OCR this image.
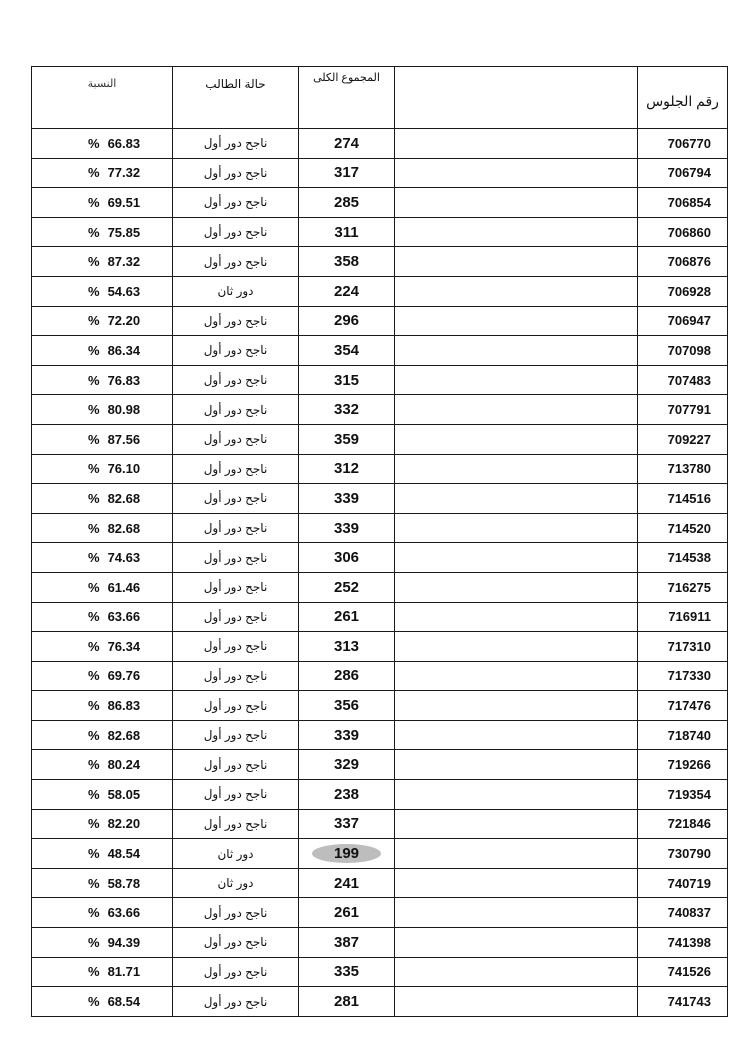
النسبة	حالة الطالب	المجموع الكلى		رقم الجلوس
% 66.83	ناجح دور أول	274		706770
% 77.32	ناجح دور أول	317		706794
% 69.51	ناجح دور أول	285		706854
% 75.85	ناجح دور أول	311		706860
% 87.32	ناجح دور أول	358		706876
% 54.63	دور ثان	224		706928
% 72.20	ناجح دور أول	296		706947
% 86.34	ناجح دور أول	354		707098
% 76.83	ناجح دور أول	315		707483
% 80.98	ناجح دور أول	332		707791
% 87.56	ناجح دور أول	359		709227
% 76.10	ناجح دور أول	312		713780
% 82.68	ناجح دور أول	339		714516
% 82.68	ناجح دور أول	339		714520
% 74.63	ناجح دور أول	306		714538
% 61.46	ناجح دور أول	252		716275
% 63.66	ناجح دور أول	261		716911
% 76.34	ناجح دور أول	313		717310
% 69.76	ناجح دور أول	286		717330
% 86.83	ناجح دور أول	356		717476
% 82.68	ناجح دور أول	339		718740
% 80.24	ناجح دور أول	329		719266
% 58.05	ناجح دور أول	238		719354
% 82.20	ناجح دور أول	337		721846
% 48.54	دور ثان	199		730790
% 58.78	دور ثان	241		740719
% 63.66	ناجح دور أول	261		740837
% 94.39	ناجح دور أول	387		741398
% 81.71	ناجح دور أول	335		741526
% 68.54	ناجح دور أول	281		741743
